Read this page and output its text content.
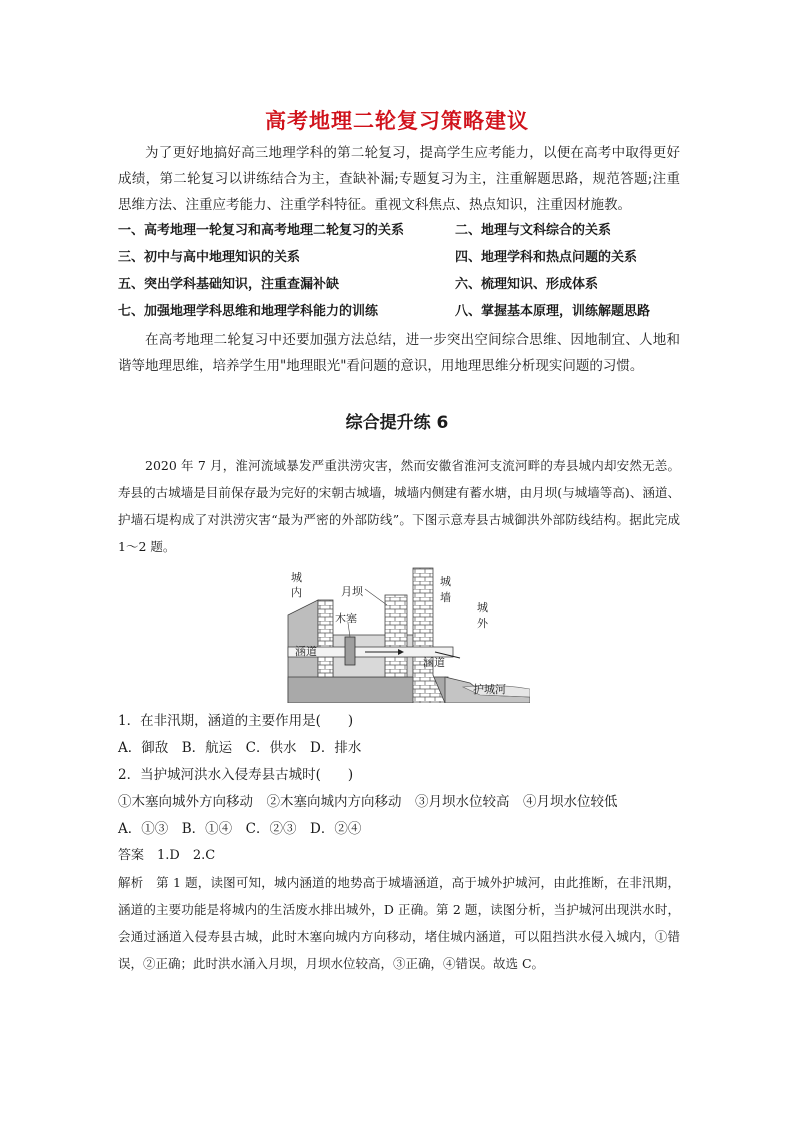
高考地理二轮复习策略建议

为了更好地搞好高三地理学科的第二轮复习，提高学生应考能力，以便在高考中取得更好成绩，第二轮复习以讲练结合为主，查缺补漏;专题复习为主，注重解题思路，规范答题;注重思维方法、注重应考能力、注重学科特征。重视文科焦点、热点知识，注重因材施教。

一、高考地理一轮复习和高考地理二轮复习的关系	二、地理与文科综合的关系
三、初中与高中地理知识的关系	四、地理学科和热点问题的关系
五、突出学科基础知识，注重查漏补缺	六、梳理知识、形成体系
七、加强地理学科思维和地理学科能力的训练	八、掌握基本原理，训练解题思路

在高考地理二轮复习中还要加强方法总结，进一步突出空间综合思维、因地制宜、人地和谐等地理思维，培养学生用"地理眼光"看问题的意识，用地理思维分析现实问题的习惯。

综合提升练 6

2020 年 7 月，淮河流域暴发严重洪涝灾害，然而安徽省淮河支流河畔的寿县城内却安然无恙。寿县的古城墙是目前保存最为完好的宋朝古城墙，城墙内侧建有蓄水塘，由月坝(与城墙等高)、涵道、护墙石堤构成了对洪涝灾害“最为严密的外部防线”。下图示意寿县古城御洪外部防线结构。据此完成 1～2 题。

城
内	月坝
城
墙
城
外
木塞
涵道
涵道
护城河
1．在非汛期，涵道的主要作用是(　　)
A．御敌　B．航运　C．供水　D．排水
2．当护城河洪水入侵寿县古城时(　　)
①木塞向城外方向移动　②木塞向城内方向移动　③月坝水位较高　④月坝水位较低
A．①③　B．①④　C．②③　D．②④
答案　1.D　2.C

解析　第 1 题，读图可知，城内涵道的地势高于城墙涵道，高于城外护城河，由此推断，在非汛期，涵道的主要功能是将城内的生活废水排出城外，D 正确。第 2 题，读图分析，当护城河出现洪水时，会通过涵道入侵寿县古城，此时木塞向城内方向移动，堵住城内涵道，可以阻挡洪水侵入城内，①错误，②正确；此时洪水涌入月坝，月坝水位较高，③正确，④错误。故选 C。
